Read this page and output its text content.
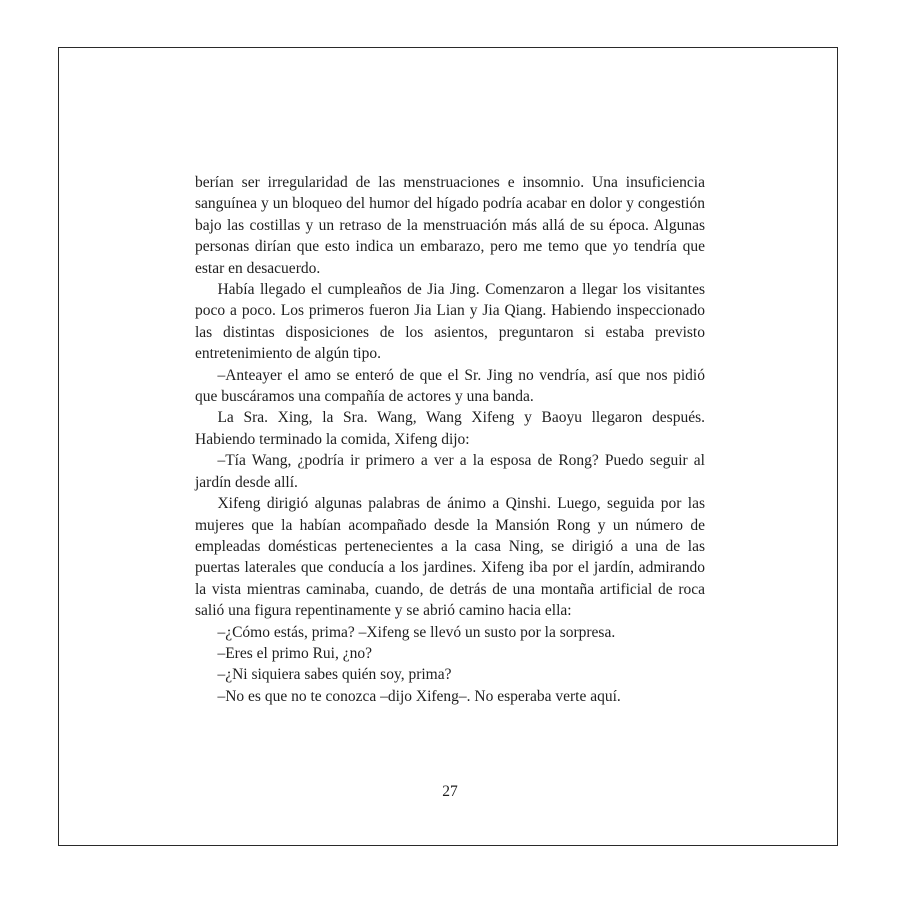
berían ser irregularidad de las menstruaciones e insomnio. Una insuficiencia sanguínea y un bloqueo del humor del hígado podría acabar en dolor y congestión bajo las costillas y un retraso de la menstruación más allá de su época. Algunas personas dirían que esto indica un embarazo, pero me temo que yo tendría que estar en desacuerdo.

Había llegado el cumpleaños de Jia Jing. Comenzaron a llegar los visitantes poco a poco. Los primeros fueron Jia Lian y Jia Qiang. Habiendo inspeccionado las distintas disposiciones de los asientos, preguntaron si estaba previsto entretenimiento de algún tipo.

–Anteayer el amo se enteró de que el Sr. Jing no vendría, así que nos pidió que buscáramos una compañía de actores y una banda.

La Sra. Xing, la Sra. Wang, Wang Xifeng y Baoyu llegaron después. Habiendo terminado la comida, Xifeng dijo:

–Tía Wang, ¿podría ir primero a ver a la esposa de Rong? Puedo seguir al jardín desde allí.

Xifeng dirigió algunas palabras de ánimo a Qinshi. Luego, seguida por las mujeres que la habían acompañado desde la Mansión Rong y un número de empleadas domésticas pertenecientes a la casa Ning, se dirigió a una de las puertas laterales que conducía a los jardines. Xifeng iba por el jardín, admirando la vista mientras caminaba, cuando, de detrás de una montaña artificial de roca salió una figura repentinamente y se abrió camino hacia ella:

–¿Cómo estás, prima? –Xifeng se llevó un susto por la sorpresa.

–Eres el primo Rui, ¿no?

–¿Ni siquiera sabes quién soy, prima?

–No es que no te conozca –dijo Xifeng–. No esperaba verte aquí.

27
